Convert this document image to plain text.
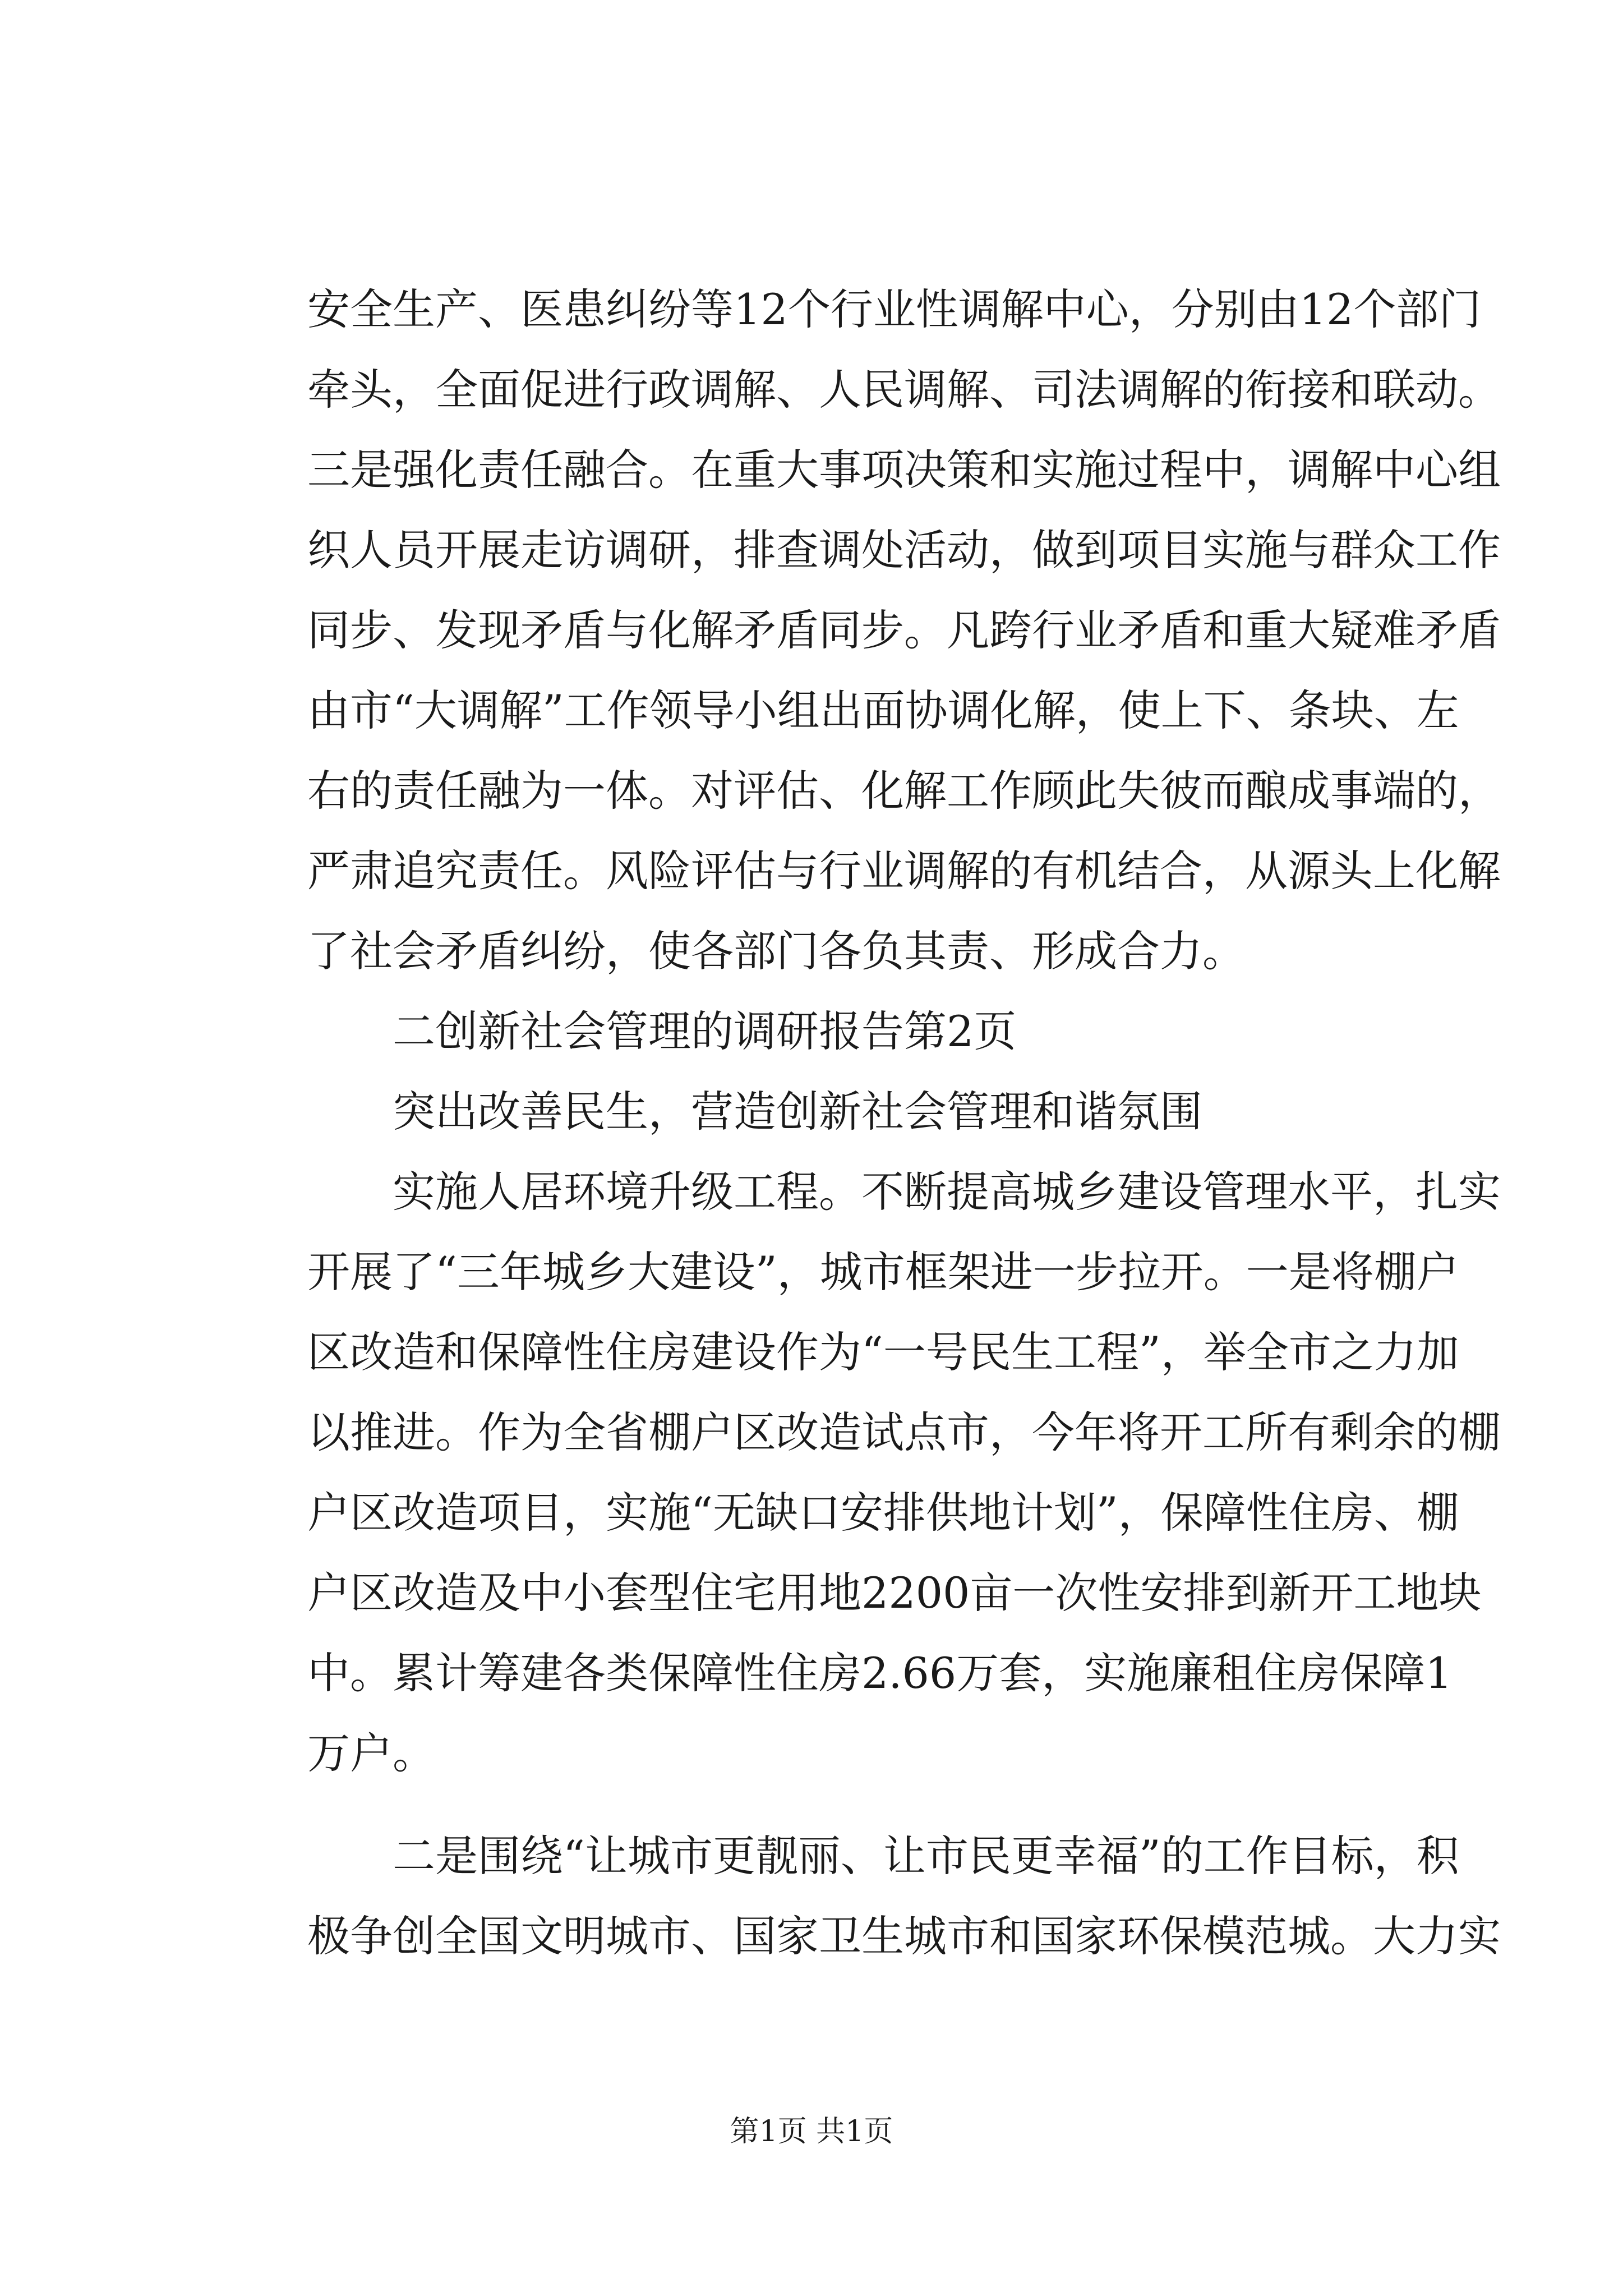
安全生产、医患纠纷等12个行业性调解中心，分别由12个部门
牵头，全面促进行政调解、人民调解、司法调解的衔接和联动。
三是强化责任融合。在重大事项决策和实施过程中，调解中心组
织人员开展走访调研，排查调处活动，做到项目实施与群众工作
同步、发现矛盾与化解矛盾同步。凡跨行业矛盾和重大疑难矛盾
由市“大调解”工作领导小组出面协调化解，使上下、条块、左
右的责任融为一体。对评估、化解工作顾此失彼而酿成事端的，
严肃追究责任。风险评估与行业调解的有机结合，从源头上化解
了社会矛盾纠纷，使各部门各负其责、形成合力。
二创新社会管理的调研报告第2页
突出改善民生，营造创新社会管理和谐氛围
实施人居环境升级工程。不断提高城乡建设管理水平，扎实
开展了“三年城乡大建设”，城市框架进一步拉开。一是将棚户
区改造和保障性住房建设作为“一号民生工程”，举全市之力加
以推进。作为全省棚户区改造试点市，今年将开工所有剩余的棚
户区改造项目，实施“无缺口安排供地计划”，保障性住房、棚
户区改造及中小套型住宅用地2200亩一次性安排到新开工地块
中。累计筹建各类保障性住房2.66万套，实施廉租住房保障1
万户。
二是围绕“让城市更靓丽、让市民更幸福”的工作目标，积
极争创全国文明城市、国家卫生城市和国家环保模范城。大力实
第1页 共1页
